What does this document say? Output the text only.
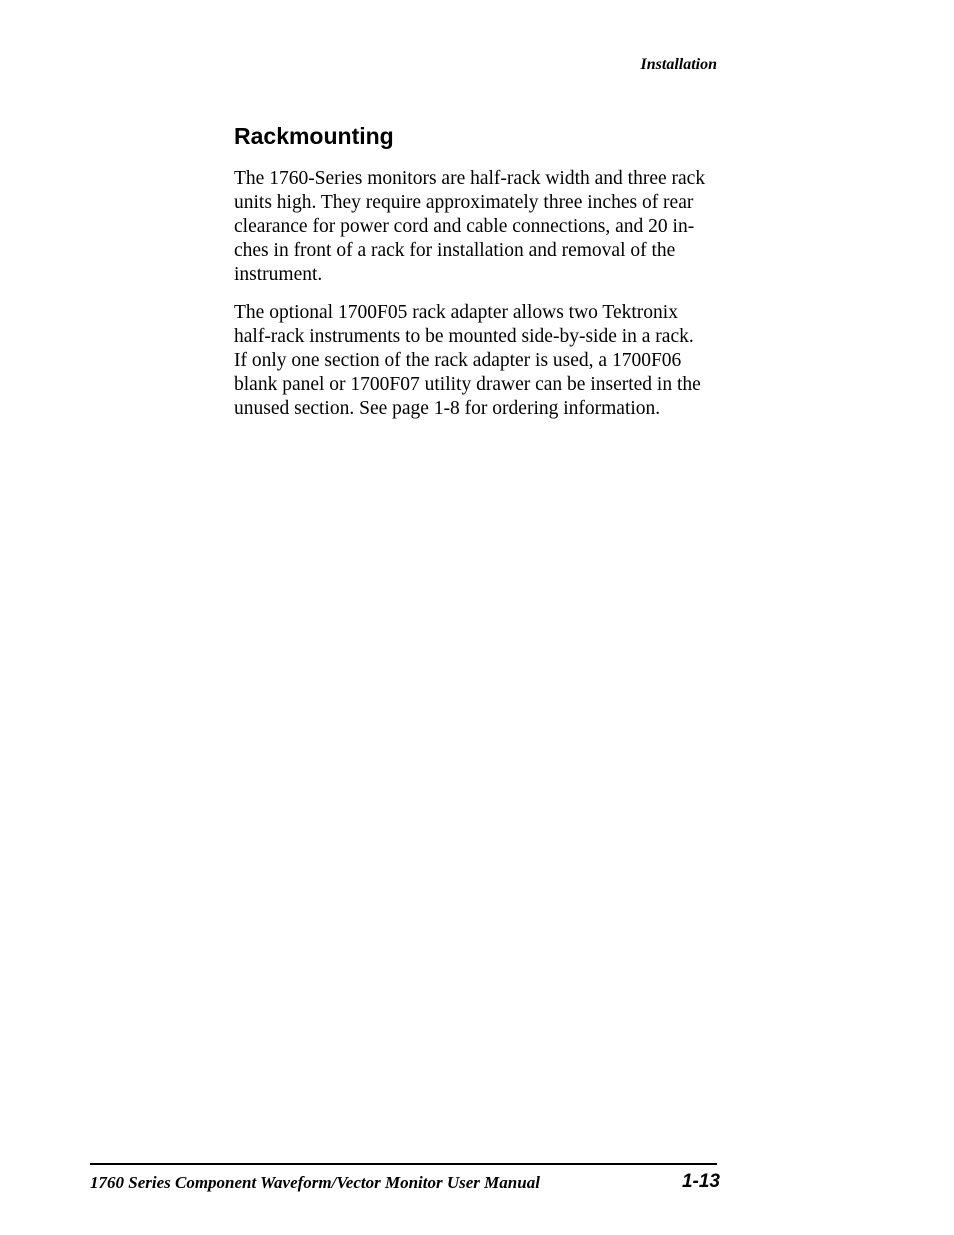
Installation
Rackmounting

The 1760‑Series monitors are half-rack width and three rack
units high. They require approximately three inches of rear
clearance for power cord and cable connections, and 20 in-
ches in front of a rack for installation and removal of the
instrument.

The optional 1700F05 rack adapter allows two Tektronix
half-rack instruments to be mounted side-by-side in a rack.
If only one section of the rack adapter is used, a 1700F06
blank panel or 1700F07 utility drawer can be inserted in the
unused section. See page 1-8 for ordering information.

1760 Series Component Waveform/Vector Monitor User Manual	1-13
